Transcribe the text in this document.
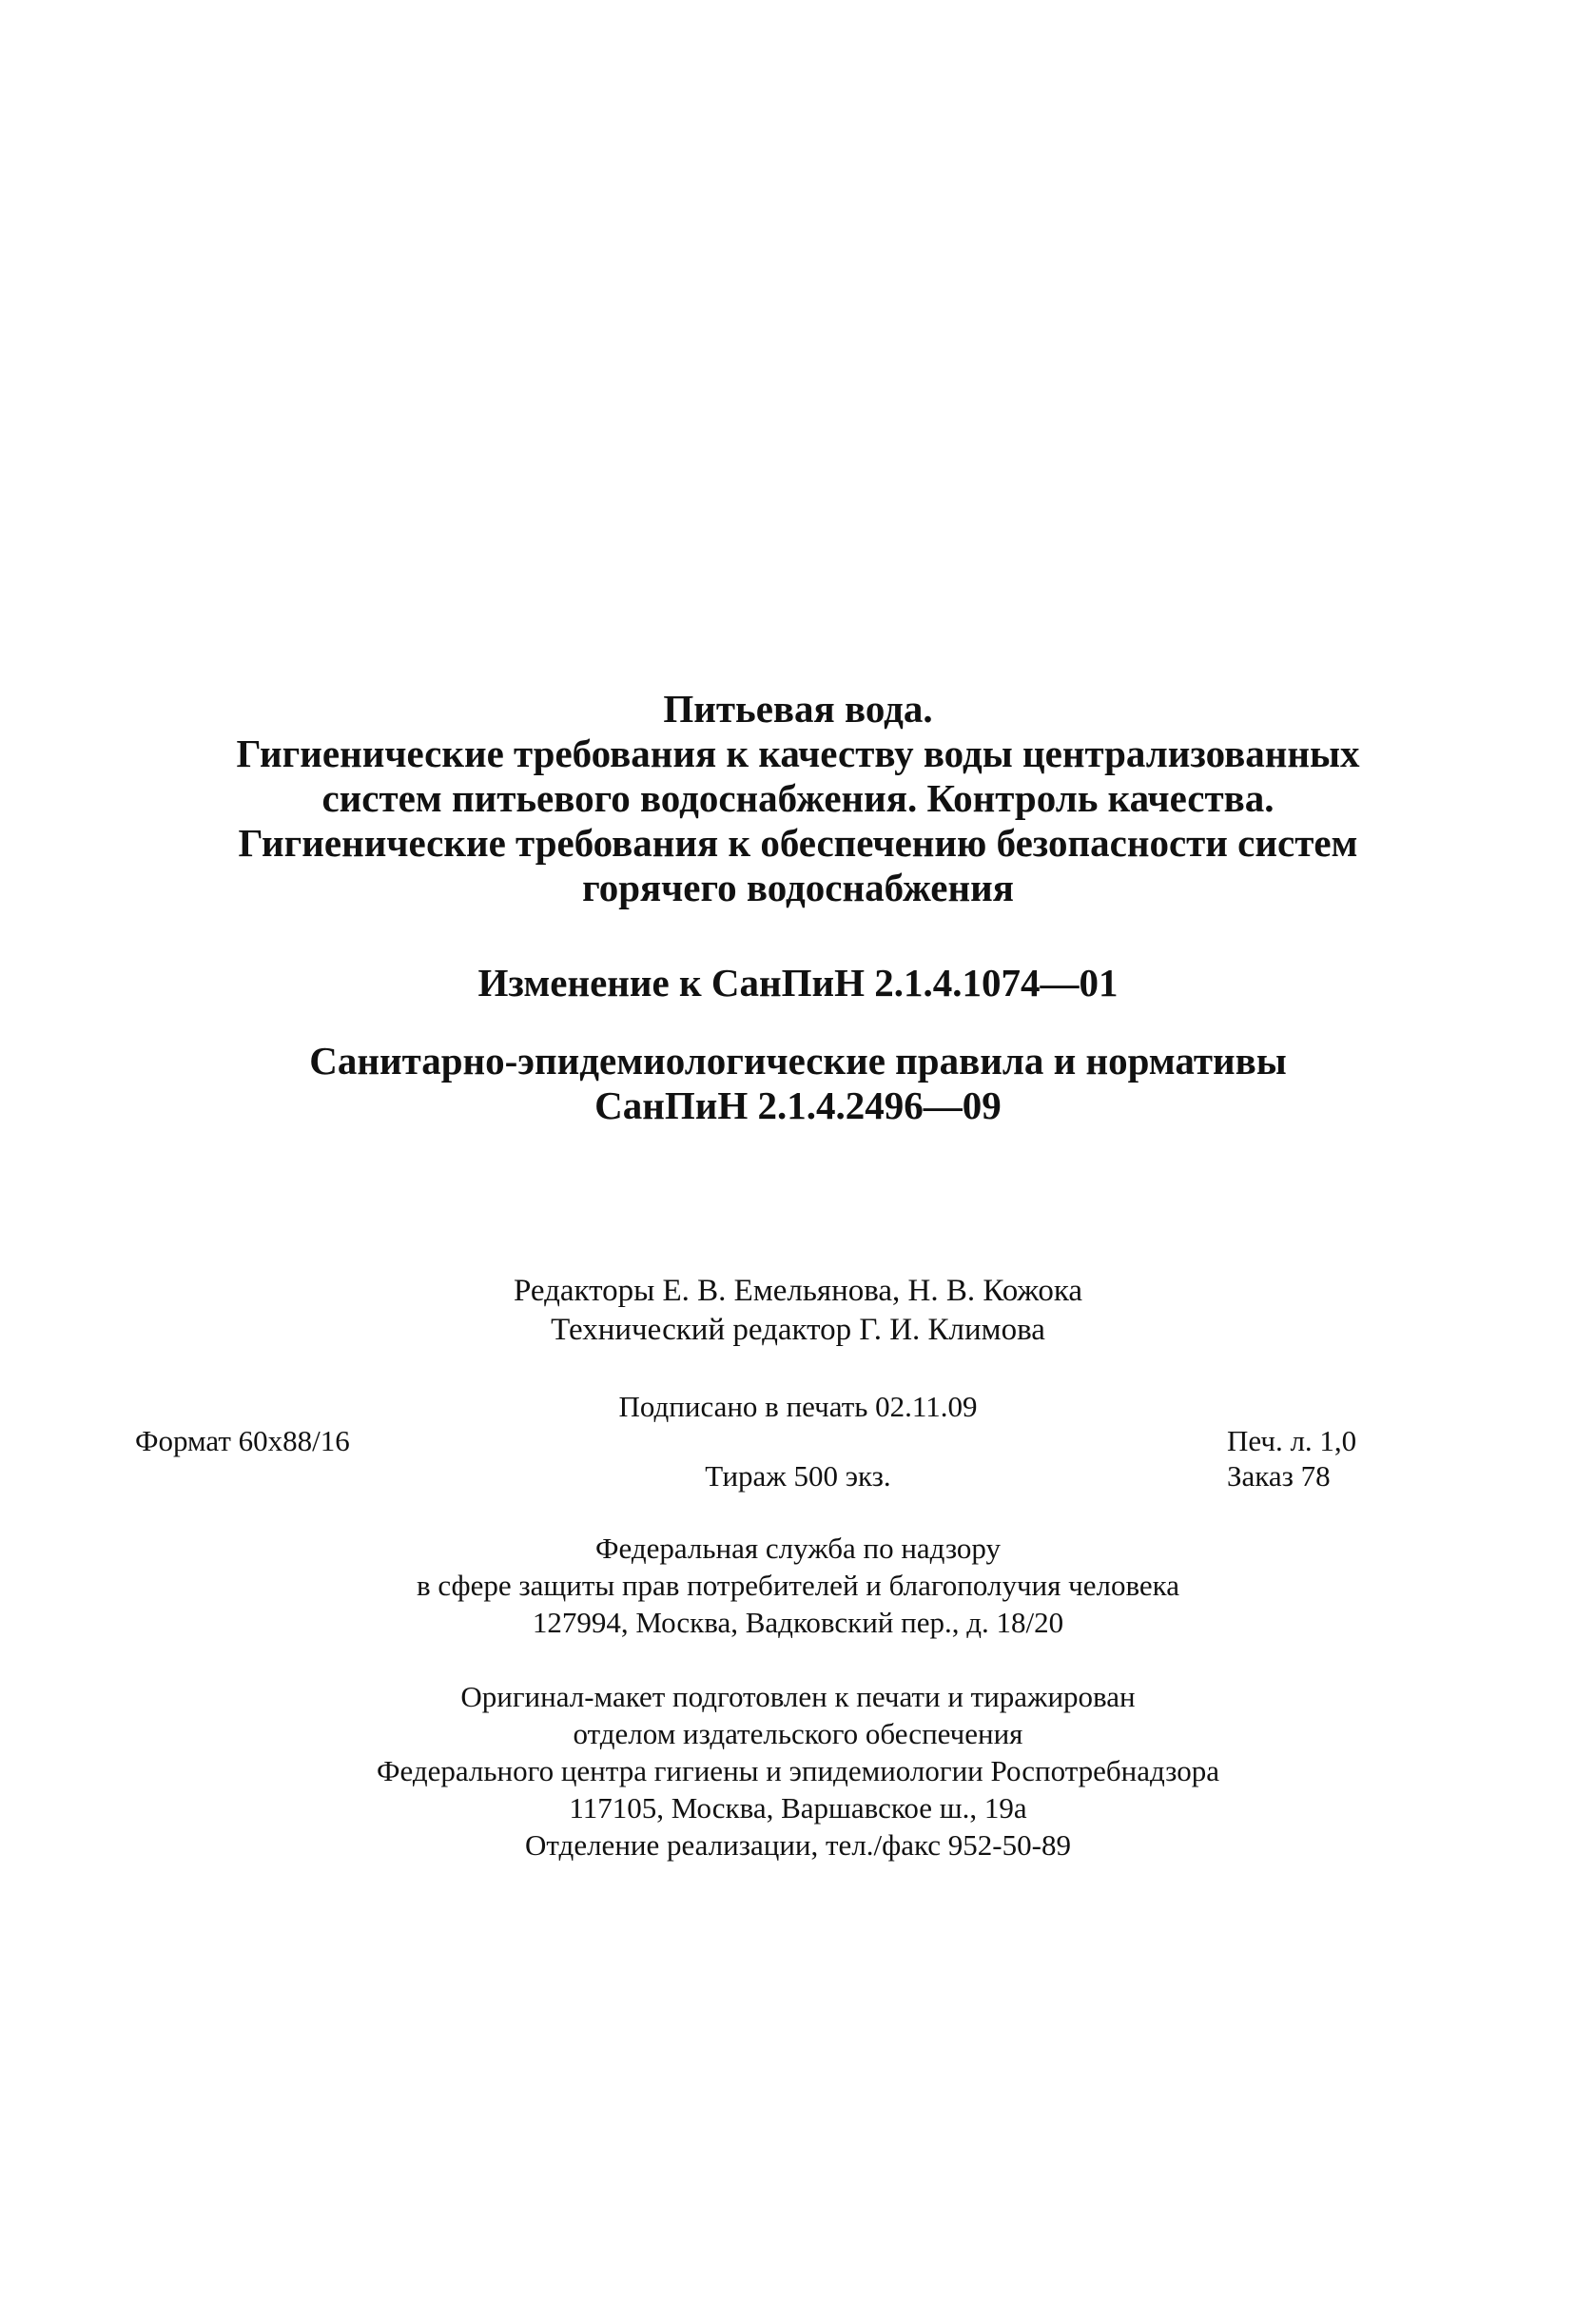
Питьевая вода.
Гигиенические требования к качеству воды централизованных
систем питьевого водоснабжения. Контроль качества.
Гигиенические требования к обеспечению безопасности систем
горячего водоснабжения
Изменение к СанПиН 2.1.4.1074—01
Санитарно-эпидемиологические правила и нормативы
СанПиН 2.1.4.2496—09
Редакторы Е. В. Емельянова, Н. В. Кожока
Технический редактор Г. И. Климова
Подписано в печать 02.11.09
Формат 60x88/16	Печ. л. 1,0
Тираж 500 экз.	Заказ 78
Федеральная служба по надзору
в сфере защиты прав потребителей и благополучия человека
127994, Москва, Вадковский пер., д. 18/20
Оригинал-макет подготовлен к печати и тиражирован
отделом издательского обеспечения
Федерального центра гигиены и эпидемиологии Роспотребнадзора
117105, Москва, Варшавское ш., 19а
Отделение реализации, тел./факс 952-50-89
